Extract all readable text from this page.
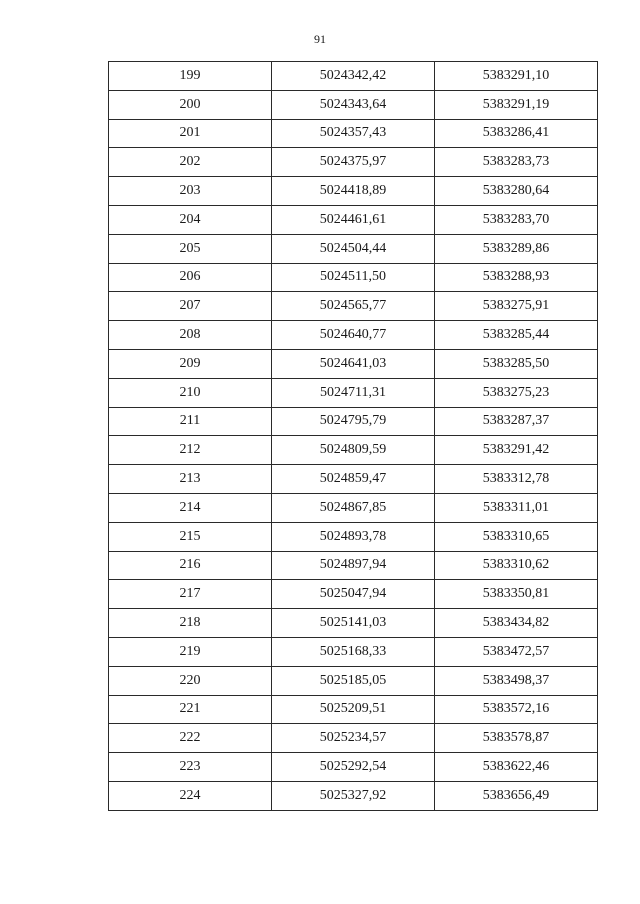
91
199	5024342,42	5383291,10
200	5024343,64	5383291,19
201	5024357,43	5383286,41
202	5024375,97	5383283,73
203	5024418,89	5383280,64
204	5024461,61	5383283,70
205	5024504,44	5383289,86
206	5024511,50	5383288,93
207	5024565,77	5383275,91
208	5024640,77	5383285,44
209	5024641,03	5383285,50
210	5024711,31	5383275,23
211	5024795,79	5383287,37
212	5024809,59	5383291,42
213	5024859,47	5383312,78
214	5024867,85	5383311,01
215	5024893,78	5383310,65
216	5024897,94	5383310,62
217	5025047,94	5383350,81
218	5025141,03	5383434,82
219	5025168,33	5383472,57
220	5025185,05	5383498,37
221	5025209,51	5383572,16
222	5025234,57	5383578,87
223	5025292,54	5383622,46
224	5025327,92	5383656,49
